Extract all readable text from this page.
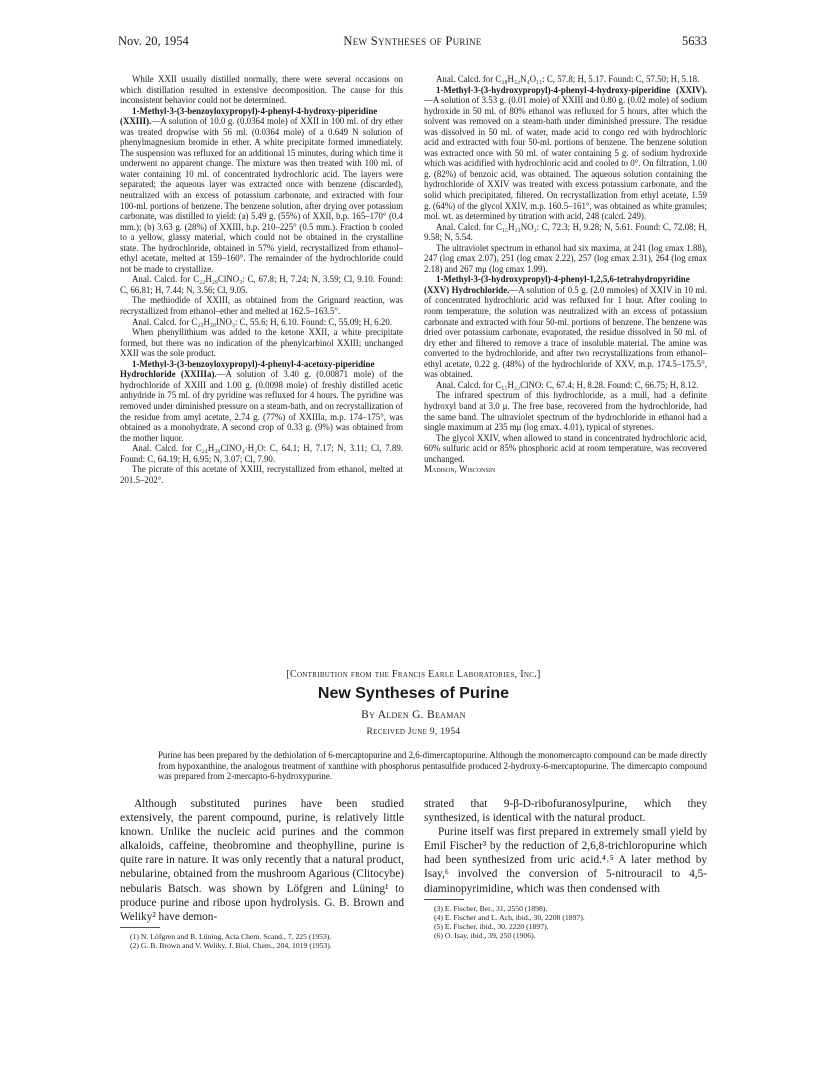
Nov. 20, 1954	New Syntheses of Purine	5633

While XXII usually distilled normally, there were several occasions on which distillation resulted in extensive decomposition. The cause for this inconsistent behavior could not be determined.

1-Methyl-3-(3-benzoyloxypropyl)-4-phenyl-4-hydroxy-piperidine (XXIII).—A solution of 10.0 g. (0.0364 mole) of XXII in 100 ml. of dry ether was treated dropwise with 56 ml. (0.0364 mole) of a 0.649 N solution of phenylmagnesium bromide in ether. A white precipitate formed immediately. The suspension was refluxed for an additional 15 minutes, during which time it underwent no apparent change. The mixture was then treated with 100 ml. of water containing 10 ml. of concentrated hydrochloric acid. The layers were separated; the aqueous layer was extracted once with benzene (discarded), neutralized with an excess of potassium carbonate, and extracted with four 100-ml. portions of benzene. The benzene solution, after drying over potassium carbonate, was distilled to yield: (a) 5.49 g. (55%) of XXII, b.p. 165–170° (0.4 mm.); (b) 3.63 g. (28%) of XXIII, b.p. 210–225° (0.5 mm.). Fraction b cooled to a yellow, glassy material, which could not be obtained in the crystalline state. The hydrochloride, obtained in 57% yield, recrystallized from ethanol–ethyl acetate, melted at 159–160°. The remainder of the hydrochloride could not be made to crystallize.

Anal. Calcd. for C₂₂H₂₈ClNO₃: C, 67.8; H, 7.24; N, 3.59; Cl, 9.10. Found: C, 66.81; H, 7.44; N, 3.56; Cl, 9.05.

The methiodide of XXIII, as obtained from the Grignard reaction, was recrystallized from ethanol–ether and melted at 162.5–163.5°.

Anal. Calcd. for C₂₃H₃₀INO₃: C, 55.6; H, 6.10. Found: C, 55.09; H, 6.20.

When phenyllithium was added to the ketone XXII, a white precipitate formed, but there was no indication of the phenylcarbinol XXIII; unchanged XXII was the sole product.

1-Methyl-3-(3-benzoyloxypropyl)-4-phenyl-4-acetoxy-piperidine Hydrochloride (XXIIIa).—A solution of 3.40 g. (0.00871 mole) of the hydrochloride of XXIII and 1.00 g. (0.0098 mole) of freshly distilled acetic anhydride in 75 ml. of dry pyridine was refluxed for 4 hours. The pyridine was removed under diminished pressure on a steam-bath, and on recrystallization of the residue from amyl acetate, 2.74 g. (77%) of XXIIIa, m.p. 174–175°, was obtained as a monohydrate. A second crop of 0.33 g. (9%) was obtained from the mother liquor.

Anal. Calcd. for C₂₄H₃₀ClNO₄·H₂O: C, 64.1; H, 7.17; N, 3.11; Cl, 7.89. Found: C, 64.19; H, 6.95; N, 3.07; Cl, 7.90.

The picrate of this acetate of XXIII, recrystallized from ethanol, melted at 201.5–202°.

Anal. Calcd. for C₂₈H₃₂N₄O₁₁: C, 57.8; H, 5.17. Found: C, 57.50; H, 5.18.

1-Methyl-3-(3-hydroxypropyl)-4-phenyl-4-hydroxy-piperidine (XXIV).—A solution of 3.53 g. (0.01 mole) of XXIII and 0.80 g. (0.02 mole) of sodium hydroxide in 50 ml. of 80% ethanol was refluxed for 5 hours, after which the solvent was removed on a steam-bath under diminished pressure. The residue was dissolved in 50 ml. of water, made acid to congo red with hydrochloric acid and extracted with four 50-ml. portions of benzene. The benzene solution was extracted once with 50 ml. of water containing 5 g. of sodium hydroxide which was acidified with hydrochloric acid and cooled to 0°. On filtration, 1.00 g. (82%) of benzoic acid, was obtained. The aqueous solution containing the hydrochloride of XXIV was treated with excess potassium carbonate, and the solid which precipitated, filtered. On recrystallization from ethyl acetate, 1.59 g. (64%) of the glycol XXIV, m.p. 160.5–161°, was obtained as white granules; mol. wt. as determined by titration with acid, 248 (calcd. 249).

Anal. Calcd. for C₁₅H₂₃NO₂: C, 72.3; H, 9.28; N, 5.61. Found: C, 72.08; H, 9.58; N, 5.54.

The ultraviolet spectrum in ethanol had six maxima, at 241 (log εmax 1.88), 247 (log εmax 2.07), 251 (log εmax 2.22), 257 (log εmax 2.31), 264 (log εmax 2.18) and 267 mμ (log εmax 1.99).

1-Methyl-3-(3-hydroxypropyl)-4-phenyl-1,2,5,6-tetrahydropyridine (XXV) Hydrochloride.—A solution of 0.5 g. (2.0 mmoles) of XXIV in 10 ml. of concentrated hydrochloric acid was refluxed for 1 hour. After cooling to room temperature, the solution was neutralized with an excess of potassium carbonate and extracted with four 50-ml. portions of benzene. The benzene was dried over potassium carbonate, evaporated, the residue dissolved in 50 ml. of dry ether and filtered to remove a trace of insoluble material. The amine was converted to the hydrochloride, and after two recrystallizations from ethanol–ethyl acetate, 0.22 g. (48%) of the hydrochloride of XXV, m.p. 174.5–175.5°, was obtained.

Anal. Calcd. for C₁₅H₂₂ClNO: C, 67.4; H, 8.28. Found: C, 66.75; H, 8.12.

The infrared spectrum of this hydrochloride, as a mull, had a definite hydroxyl band at 3.0 μ. The free base, recovered from the hydrochloride, had the same band. The ultraviolet spectrum of the hydrochloride in ethanol had a single maximum at 235 mμ (log εmax. 4.01), typical of styrenes.

The glycol XXIV, when allowed to stand in concentrated hydrochloric acid, 60% sulfuric acid or 85% phosphoric acid at room temperature, was recovered unchanged.

Madison, Wisconsin

[Contribution from the Francis Earle Laboratories, Inc.]
New Syntheses of Purine
By Alden G. Beaman
Received June 9, 1954
Purine has been prepared by the dethiolation of 6-mercaptopurine and 2,6-dimercaptopurine. Although the monomercapto compound can be made directly from hypoxanthine, the analogous treatment of xanthine with phosphorus pentasulfide produced 2-hydroxy-6-mercaptopurine. The dimercapto compound was prepared from 2-mercapto-6-hydroxypurine.

Although substituted purines have been studied extensively, the parent compound, purine, is relatively little known. Unlike the nucleic acid purines and the common alkaloids, caffeine, theobromine and theophylline, purine is quite rare in nature. It was only recently that a natural product, nebularine, obtained from the mushroom Agarious (Clitocybe) nebularis Batsch. was shown by Löfgren and Lüning¹ to produce purine and ribose upon hydrolysis. G. B. Brown and Weliky² have demon-

(1) N. Löfgren and B. Lüning, Acta Chem. Scand., 7, 225 (1953).
(2) G. B. Brown and V. Weliky, J. Biol. Chem., 204, 1019 (1953).

strated that 9-β-D-ribofuranosylpurine, which they synthesized, is identical with the natural product.

Purine itself was first prepared in extremely small yield by Emil Fischer³ by the reduction of 2,6,8-trichloropurine which had been synthesized from uric acid.⁴˒⁵ A later method by Isay,⁶ involved the conversion of 5-nitrouracil to 4,5-diaminopyrimidine, which was then condensed with

(3) E. Fischer, Ber., 31, 2550 (1898).
(4) E. Fischer and L. Ach, ibid., 30, 2208 (1897).
(5) E. Fischer, ibid., 30, 2220 (1897).
(6) O. Isay, ibid., 39, 250 (1906).
